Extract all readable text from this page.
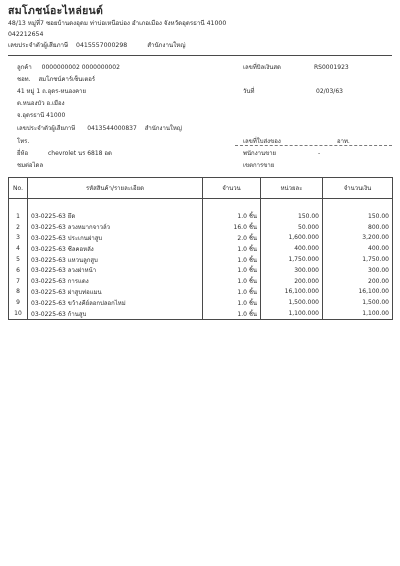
สมโภชน์อะไหล่ยนต์
48/13 หมู่ที่7 ซอยบ้านดงอุดม ท่าบ่อเหนือบ่อง อำเภอเมือง จังหวัดอุดรธานี 41000
042212654
เลขประจำตัวผู้เสียภาษี 0415557000298	สำนักงานใหญ่
ลูกค้า 0000000002 0000000002
ชอท. สมโภชน์คาร์เซ็นเตอร์
41 หมู่ 1 ถ.อุดร-หนองคาย
ต.หนองบัว อ.เมือง
จ.อุดรธานี 41000
เลขประจำตัวผู้เสียภาษี 0413544000837 สำนักงานใหญ่
โทร.
ยี่ห้อ	chevrolet นร 6818 อด
ชมต่อไดล
เลขที่บิลเงินสด	RS0001923
วันที่	02/03/63
เลขที่ใบส่งของ	อาท.
พนักงานขาย	-
เขตการขาย
No.	รหัสสินค้า/รายละเอียด	จำนวน	หน่วยละ	จำนวนเงิน

1	03-0225-63 ยึด	1.0 ชิ้น	150.00	150.00
2	03-0225-63 ลวงหมากจาวล์ว	16.0 ชิ้น	50.000	800.00
3	03-0225-63 ประเกนฝาสูบ	2.0 ชิ้น	1,600.000	3,200.00
4	03-0225-63 ซีลคอหลัง	1.0 ชิ้น	400.000	400.00
5	03-0225-63 แหวนลูกสูบ	1.0 ชิ้น	1,750.000	1,750.00
6	03-0225-63 ลวงฝาหน้า	1.0 ชิ้น	300.000	300.00
7	03-0225-63 การแดง	1.0 ชิ้น	200.000	200.00
8	03-0225-63 ฝาสูบท่อแมน	1.0 ชิ้น	16,100.000	16,100.00
9	03-0225-63 ขว้างคีย์ลอกปลอกไหม่	1.0 ชิ้น	1,500.000	1,500.00
10	03-0225-63 ก้านสูบ	1.0 ชิ้น	1,100.000	1,100.00
